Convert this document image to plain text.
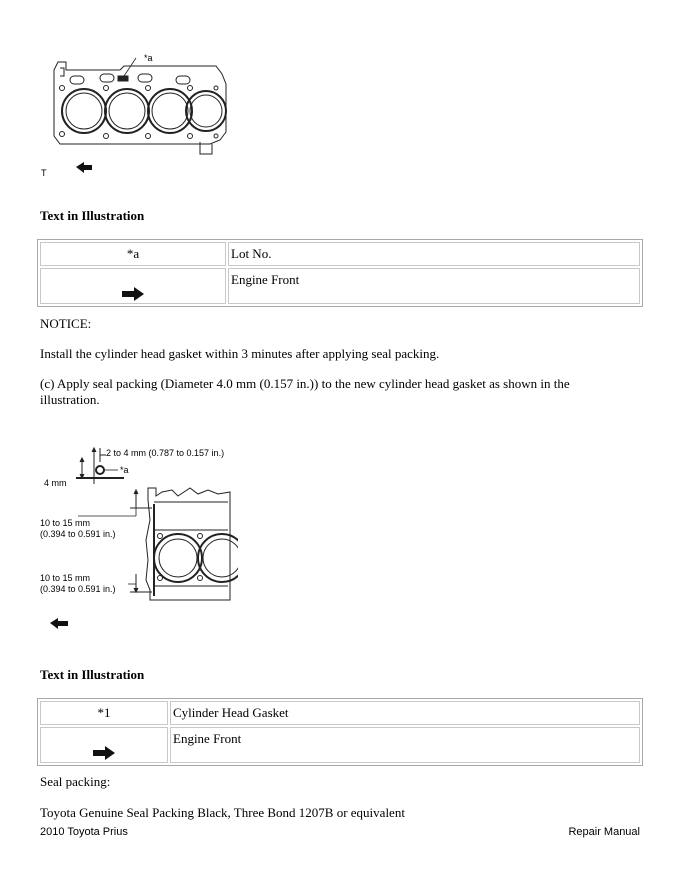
*a
T
Text in Illustration
*a	Lot No.

	Engine Front
NOTICE:
Install the cylinder head gasket within 3 minutes after applying seal packing.
(c) Apply seal packing (Diameter 4.0 mm (0.157 in.)) to the new cylinder head gasket as shown in the illustration.
2 to 4 mm (0.787 to 0.157 in.)
4 mm
*a
10 to 15 mm
(0.394 to 0.591 in.)
10 to 15 mm
(0.394 to 0.591 in.)
Text in Illustration
*1	Cylinder Head Gasket

	Engine Front
Seal packing:
Toyota Genuine Seal Packing Black, Three Bond 1207B or equivalent
2010 Toyota Prius	Repair Manual
